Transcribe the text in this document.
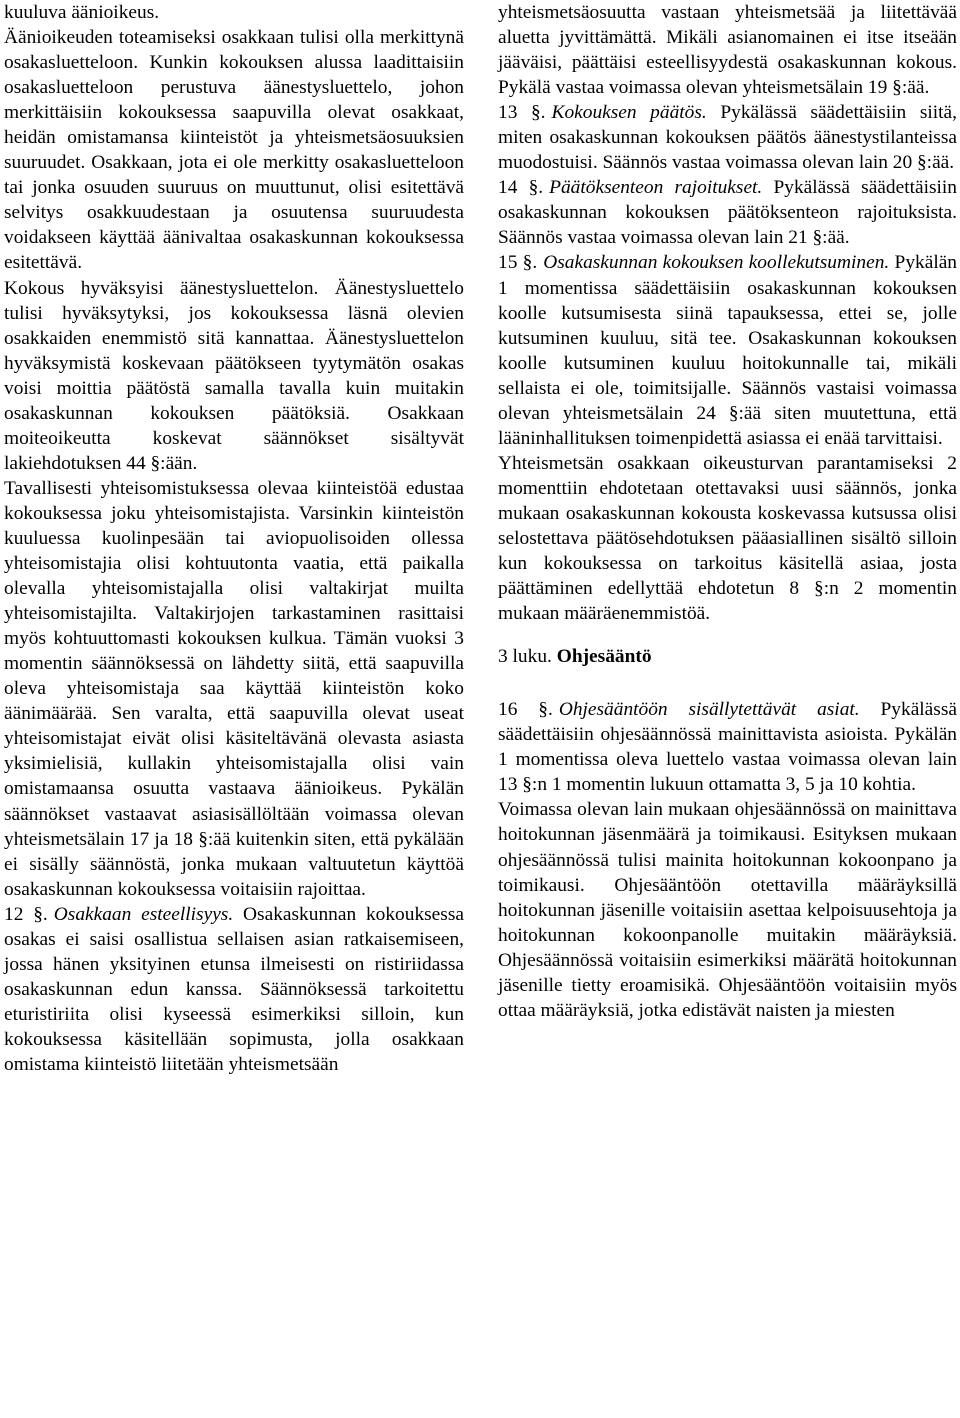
kuuluva äänioikeus.

Äänioikeuden toteamiseksi osakkaan tulisi olla merkittynä osakasluetteloon. Kunkin kokouksen alussa laadittaisiin osakasluetteloon perustuva äänestysluettelo, johon merkittäisiin kokouksessa saapuvilla olevat osakkaat, heidän omistamansa kiinteistöt ja yhteismetsäosuuksien suuruudet. Osakkaan, jota ei ole merkitty osakasluetteloon tai jonka osuuden suuruus on muuttunut, olisi esitettävä selvitys osakkuudestaan ja osuutensa suuruudesta voidakseen käyttää äänivaltaa osakaskunnan kokouksessa esitettävä.

Kokous hyväksyisi äänestysluettelon. Äänestysluettelo tulisi hyväksytyksi, jos kokouksessa läsnä olevien osakkaiden enemmistö sitä kannattaa. Äänestysluettelon hyväksymistä koskevaan päätökseen tyytymätön osakas voisi moittia päätöstä samalla tavalla kuin muitakin osakaskunnan kokouksen päätöksiä. Osakkaan moiteoikeutta koskevat säännökset sisältyvät lakiehdotuksen 44 §:ään.

Tavallisesti yhteisomistuksessa olevaa kiinteistöä edustaa kokouksessa joku yhteisomistajista. Varsinkin kiinteistön kuuluessa kuolinpesään tai aviopuolisoiden ollessa yhteisomistajia olisi kohtuutonta vaatia, että paikalla olevalla yhteisomistajalla olisi valtakirjat muilta yhteisomistajilta. Valtakirjojen tarkastaminen rasittaisi myös kohtuuttomasti kokouksen kulkua. Tämän vuoksi 3 momentin säännöksessä on lähdetty siitä, että saapuvilla oleva yhteisomistaja saa käyttää kiinteistön koko äänimäärää. Sen varalta, että saapuvilla olevat useat yhteisomistajat eivät olisi käsiteltävänä olevasta asiasta yksimielisiä, kullakin yhteisomistajalla olisi vain omistamaansa osuutta vastaava äänioikeus. Pykälän säännökset vastaavat asiasisällöltään voimassa olevan yhteismetsälain 17 ja 18 §:ää kuitenkin siten, että pykälään ei sisälly säännöstä, jonka mukaan valtuutetun käyttöä osakaskunnan kokouksessa voitaisiin rajoittaa.

12 §. Osakkaan esteellisyys. Osakaskunnan kokouksessa osakas ei saisi osallistua sellaisen asian ratkaisemiseen, jossa hänen yksityinen etunsa ilmeisesti on ristiriidassa osakaskunnan edun kanssa. Säännöksessä tarkoitettu eturistiriita olisi kyseessä esimerkiksi silloin, kun kokouksessa käsitellään sopimusta, jolla osakkaan omistama kiinteistö liitetään yhteismetsään

yhteismetsäosuutta vastaan yhteismetsää ja liitettävää aluetta jyvittämättä. Mikäli asianomainen ei itse itseään jääväisi, päättäisi esteellisyydestä osakaskunnan kokous. Pykälä vastaa voimassa olevan yhteismetsälain 19 §:ää.

13 §. Kokouksen päätös. Pykälässä säädettäisiin siitä, miten osakaskunnan kokouksen päätös äänestystilanteissa muodostuisi. Säännös vastaa voimassa olevan lain 20 §:ää.

14 §. Päätöksenteon rajoitukset. Pykälässä säädettäisiin osakaskunnan kokouksen päätöksenteon rajoituksista. Säännös vastaa voimassa olevan lain 21 §:ää.

15 §. Osakaskunnan kokouksen koollekutsuminen. Pykälän 1 momentissa säädettäisiin osakaskunnan kokouksen koolle kutsumisesta siinä tapauksessa, ettei se, jolle kutsuminen kuuluu, sitä tee. Osakaskunnan kokouksen koolle kutsuminen kuuluu hoitokunnalle tai, mikäli sellaista ei ole, toimitsijalle. Säännös vastaisi voimassa olevan yhteismetsälain 24 §:ää siten muutettuna, että lääninhallituksen toimenpidettä asiassa ei enää tarvittaisi.

Yhteismetsän osakkaan oikeusturvan parantamiseksi 2 momenttiin ehdotetaan otettavaksi uusi säännös, jonka mukaan osakaskunnan kokousta koskevassa kutsussa olisi selostettava päätösehdotuksen pääasiallinen sisältö silloin kun kokouksessa on tarkoitus käsitellä asiaa, josta päättäminen edellyttää ehdotetun 8 §:n 2 momentin mukaan määräenemmistöä.

3 luku. Ohjesääntö

16 §. Ohjesääntöön sisällytettävät asiat. Pykälässä säädettäisiin ohjesäännössä mainittavista asioista. Pykälän 1 momentissa oleva luettelo vastaa voimassa olevan lain 13 §:n 1 momentin lukuun ottamatta 3, 5 ja 10 kohtia.

Voimassa olevan lain mukaan ohjesäännössä on mainittava hoitokunnan jäsenmäärä ja toimikausi. Esityksen mukaan ohjesäännössä tulisi mainita hoitokunnan kokoonpano ja toimikausi. Ohjesääntöön otettavilla määräyksillä hoitokunnan jäsenille voitaisiin asettaa kelpoisuusehtoja ja hoitokunnan kokoonpanolle muitakin määräyksiä. Ohjesäännössä voitaisiin esimerkiksi määrätä hoitokunnan jäsenille tietty eroamisikä. Ohjesääntöön voitaisiin myös ottaa määräyksiä, jotka edistävät naisten ja miesten
